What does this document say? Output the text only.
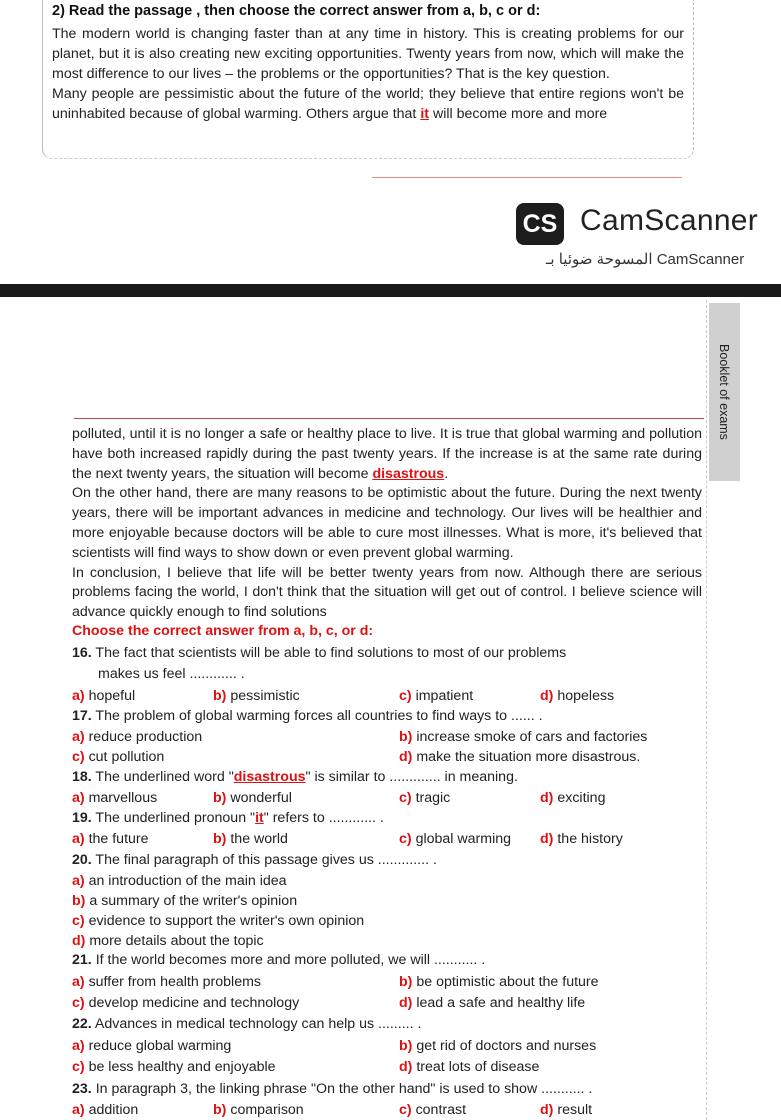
2) Read the passage , then choose the correct answer from a, b, c or d:

The modern world is changing faster than at any time in history. This is creating problems for our planet, but it is also creating new exciting opportunities. Twenty years from now, which will make the most difference to our lives – the problems or the opportunities? That is the key question.

Many people are pessimistic about the future of the world; they believe that entire regions won't be uninhabited because of global warming. Others argue that it will become more and more

CS CamScanner
المسوحة ضوئيا بـ CamScanner
Booklet of exams

polluted, until it is no longer a safe or healthy place to live. It is true that global warming and pollution have both increased rapidly during the past twenty years. If the increase is at the same rate during the next twenty years, the situation will become disastrous.

On the other hand, there are many reasons to be optimistic about the future. During the next twenty years, there will be important advances in medicine and technology. Our lives will be healthier and more enjoyable because doctors will be able to cure most illnesses. What is more, it's believed that scientists will find ways to show down or even prevent global warming.

In conclusion, I believe that life will be better twenty years from now. Although there are serious problems facing the world, I don't think that the situation will get out of control. I believe science will advance quickly enough to find solutions

Choose the correct answer from a, b, c, or d:
16. The fact that scientists will be able to find solutions to most of our problems
makes us feel ............ .
a) hopeful	b) pessimistic	c) impatient	d) hopeless
17. The problem of global warming forces all countries to find ways to ...... .
a) reduce production	b) increase smoke of cars and factories
c) cut pollution	d) make the situation more disastrous.
18. The underlined word "disastrous" is similar to ............. in meaning.
a) marvellous	b) wonderful	c) tragic	d) exciting
19. The underlined pronoun "it" refers to ............ .
a) the future	b) the world	c) global warming d) the history
20. The final paragraph of this passage gives us ............. .
a) an introduction of the main idea
b) a summary of the writer's opinion
c) evidence to support the writer's own opinion
d) more details about the topic
21. If the world becomes more and more polluted, we will ........... .
a) suffer from health problems	b) be optimistic about the future
c) develop medicine and technology	d) lead a safe and healthy life
22. Advances in medical technology can help us ......... .
a) reduce global warming	b) get rid of doctors and nurses
c) be less healthy and enjoyable	d) treat lots of disease
23. In paragraph 3, the linking phrase "On the other hand" is used to show ........... .
a) addition	b) comparison	c) contrast	d) result
